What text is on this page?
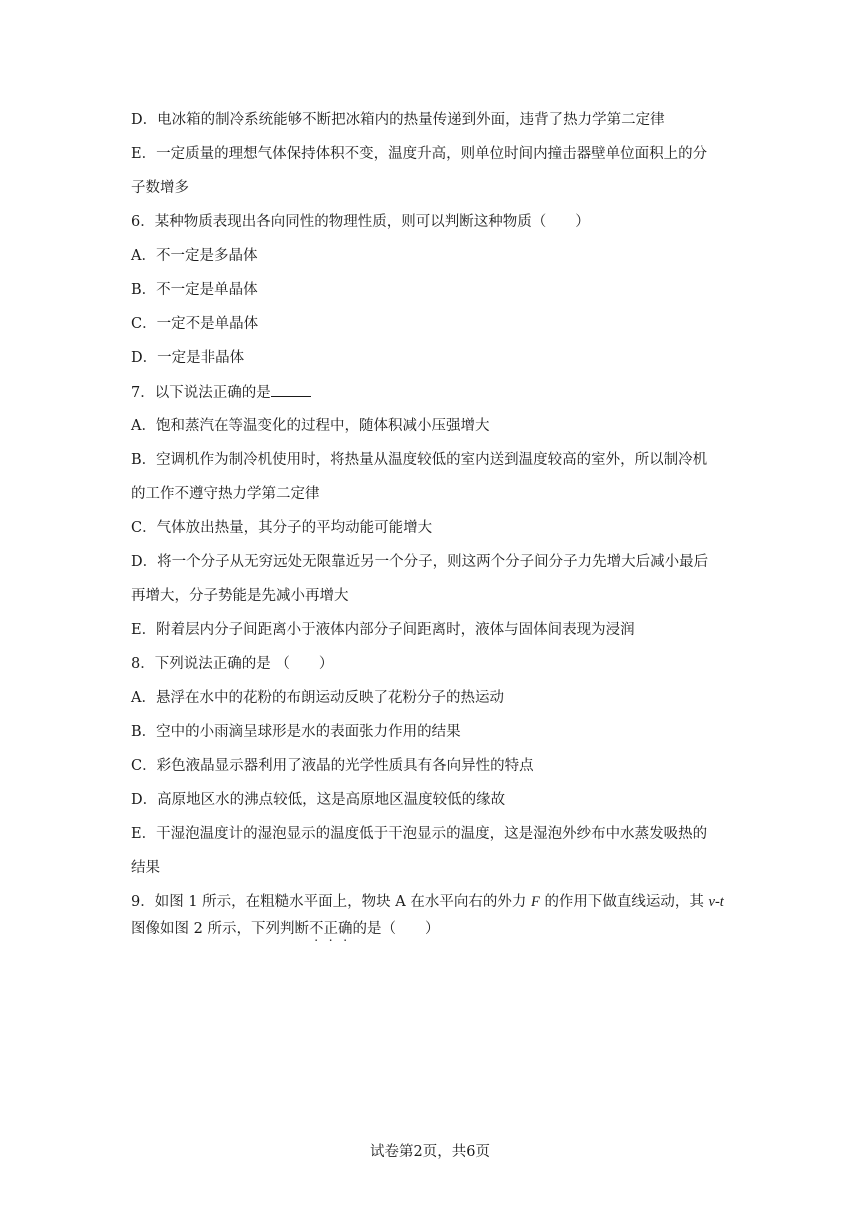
D．电冰箱的制冷系统能够不断把冰箱内的热量传递到外面，违背了热力学第二定律
E．一定质量的理想气体保持体积不变，温度升高，则单位时间内撞击器壁单位面积上的分
子数增多
6．某种物质表现出各向同性的物理性质，则可以判断这种物质（　　）
A．不一定是多晶体
B．不一定是单晶体
C．一定不是单晶体
D．一定是非晶体
7．以下说法正确的是
A．饱和蒸汽在等温变化的过程中，随体积减小压强增大
B．空调机作为制冷机使用时，将热量从温度较低的室内送到温度较高的室外，所以制冷机
的工作不遵守热力学第二定律
C．气体放出热量，其分子的平均动能可能增大
D．将一个分子从无穷远处无限靠近另一个分子，则这两个分子间分子力先增大后减小最后
再增大，分子势能是先减小再增大
E．附着层内分子间距离小于液体内部分子间距离时，液体与固体间表现为浸润
8．下列说法正确的是 （　　）
A．悬浮在水中的花粉的布朗运动反映了花粉分子的热运动
B．空中的小雨滴呈球形是水的表面张力作用的结果
C．彩色液晶显示器利用了液晶的光学性质具有各向异性的特点
D．高原地区水的沸点较低，这是高原地区温度较低的缘故
E．干湿泡温度计的湿泡显示的温度低于干泡显示的温度，这是湿泡外纱布中水蒸发吸热的
结果
9．如图 1 所示，在粗糙水平面上，物块 A 在水平向右的外力 F 的作用下做直线运动，其 v-t
图像如图 2 所示，下列判断不正确的是（　　）
试卷第2页，共6页
